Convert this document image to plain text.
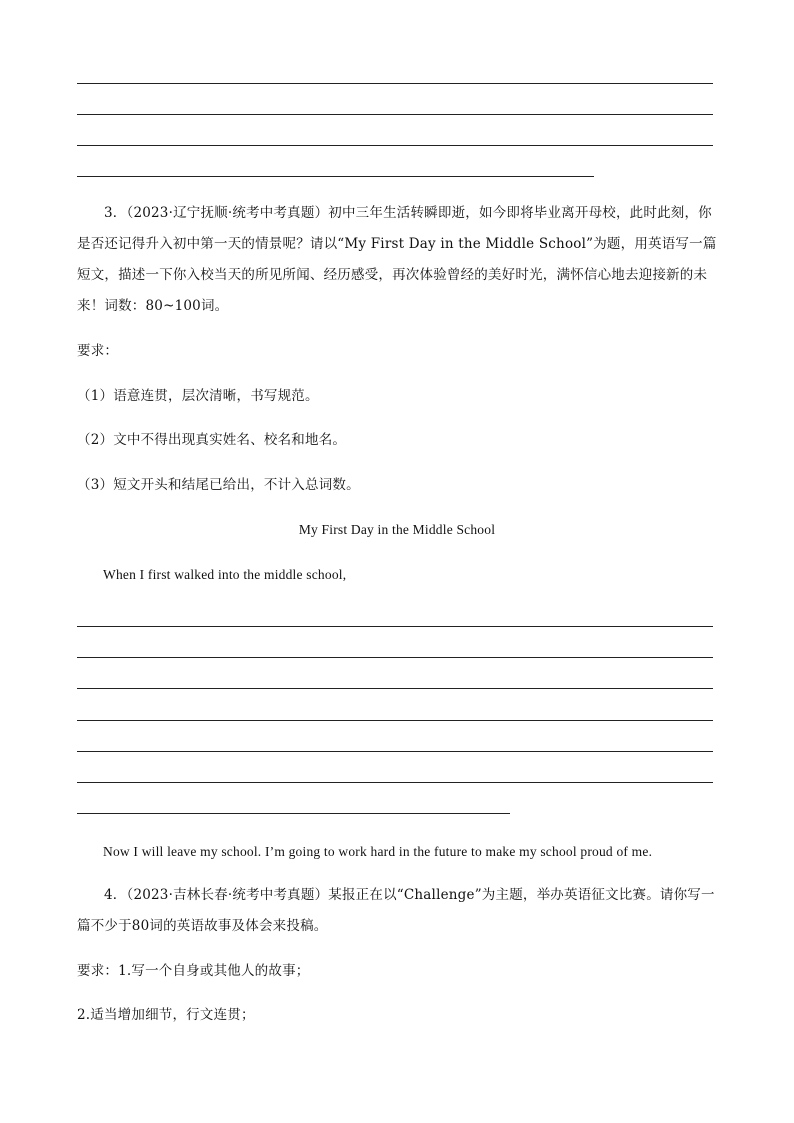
3．（2023·辽宁抚顺·统考中考真题）初中三年生活转瞬即逝，如今即将毕业离开母校，此时此刻，你是否还记得升入初中第一天的情景呢？请以“My First Day in the Middle School”为题，用英语写一篇短文，描述一下你入校当天的所见所闻、经历感受，再次体验曾经的美好时光，满怀信心地去迎接新的未来！词数：80~100词。
要求：
（1）语意连贯，层次清晰，书写规范。
（2）文中不得出现真实姓名、校名和地名。
（3）短文开头和结尾已给出，不计入总词数。
My First Day in the Middle School
When I first walked into the middle school,
Now I will leave my school. I’m going to work hard in the future to make my school proud of me.
4．（2023·吉林长春·统考中考真题）某报正在以“Challenge”为主题，举办英语征文比赛。请你写一篇不少于80词的英语故事及体会来投稿。
要求：1.写一个自身或其他人的故事；
2.适当增加细节，行文连贯；
